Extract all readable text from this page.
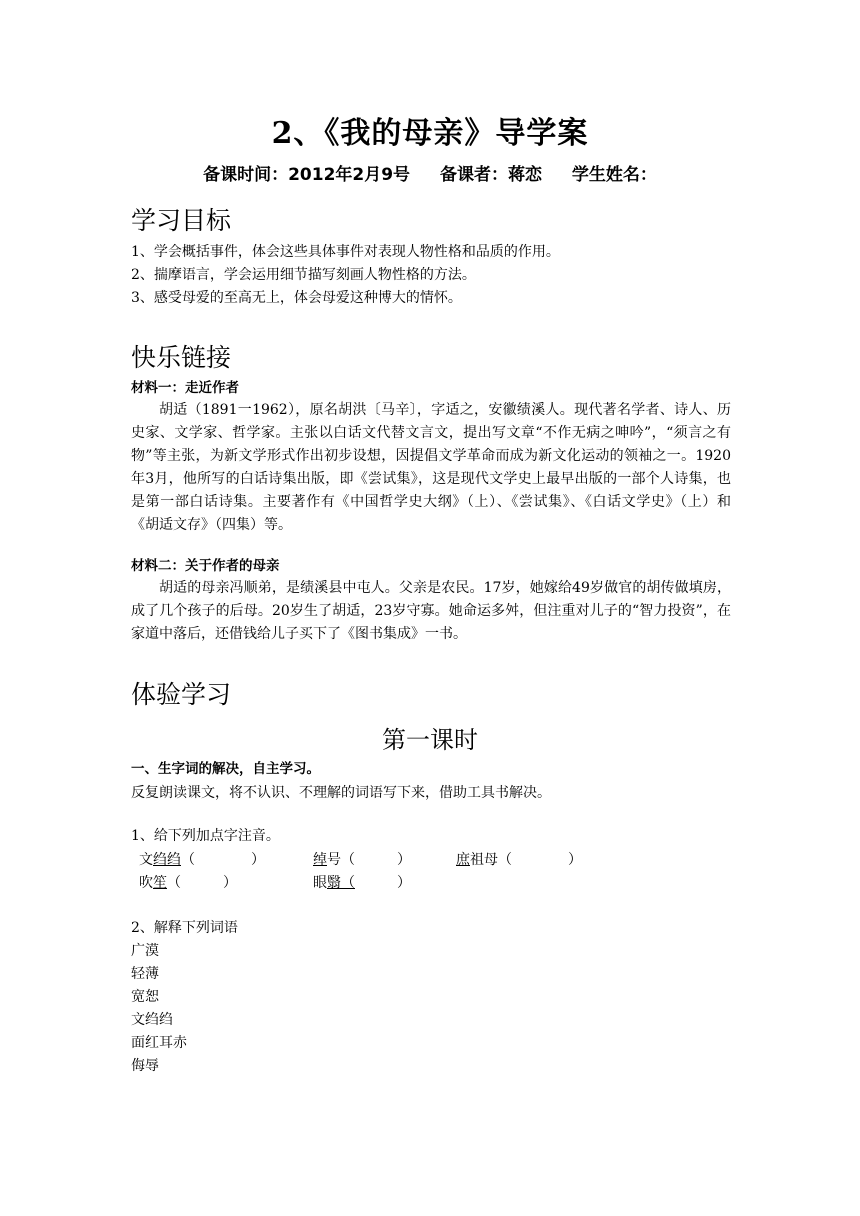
2、《我的母亲》导学案
备课时间：2012年2月9号 备课者：蒋恋 学生姓名：
学习目标
1、学会概括事件，体会这些具体事件对表现人物性格和品质的作用。
2、揣摩语言，学会运用细节描写刻画人物性格的方法。
3、感受母爱的至高无上，体会母爱这种博大的情怀。
快乐链接
材料一：走近作者

胡适（1891一1962），原名胡洪〔马辛〕，字适之，安徽绩溪人。现代著名学者、诗人、历史家、文学家、哲学家。主张以白话文代替文言文，提出写文章“不作无病之呻吟”，“须言之有物”等主张，为新文学形式作出初步设想，因提倡文学革命而成为新文化运动的领袖之一。1920年3月，他所写的白话诗集出版，即《尝试集》，这是现代文学史上最早出版的一部个人诗集，也是第一部白话诗集。主要著作有《中国哲学史大纲》（上）、《尝试集》、《白话文学史》（上）和《胡适文存》（四集）等。

材料二：关于作者的母亲

胡适的母亲冯顺弟，是绩溪县中屯人。父亲是农民。17岁，她嫁给49岁做官的胡传做填房，成了几个孩子的后母。20岁生了胡适，23岁守寡。她命运多舛，但注重对儿子的“智力投资”，在家道中落后，还借钱给儿子买下了《图书集成》一书。

体验学习
第一课时
一、生字词的解决，自主学习。
反复朗读课文，将不认识、不理解的词语写下来，借助工具书解决。
1、给下列加点字注音。
文绉绉（　　　　）	绰号（　　　）	庶祖母（　　　　）
吹笙（　　　）	眼翳（　　　）
2、解释下列词语
广漠
轻薄
宽恕
文绉绉
面红耳赤
侮辱
